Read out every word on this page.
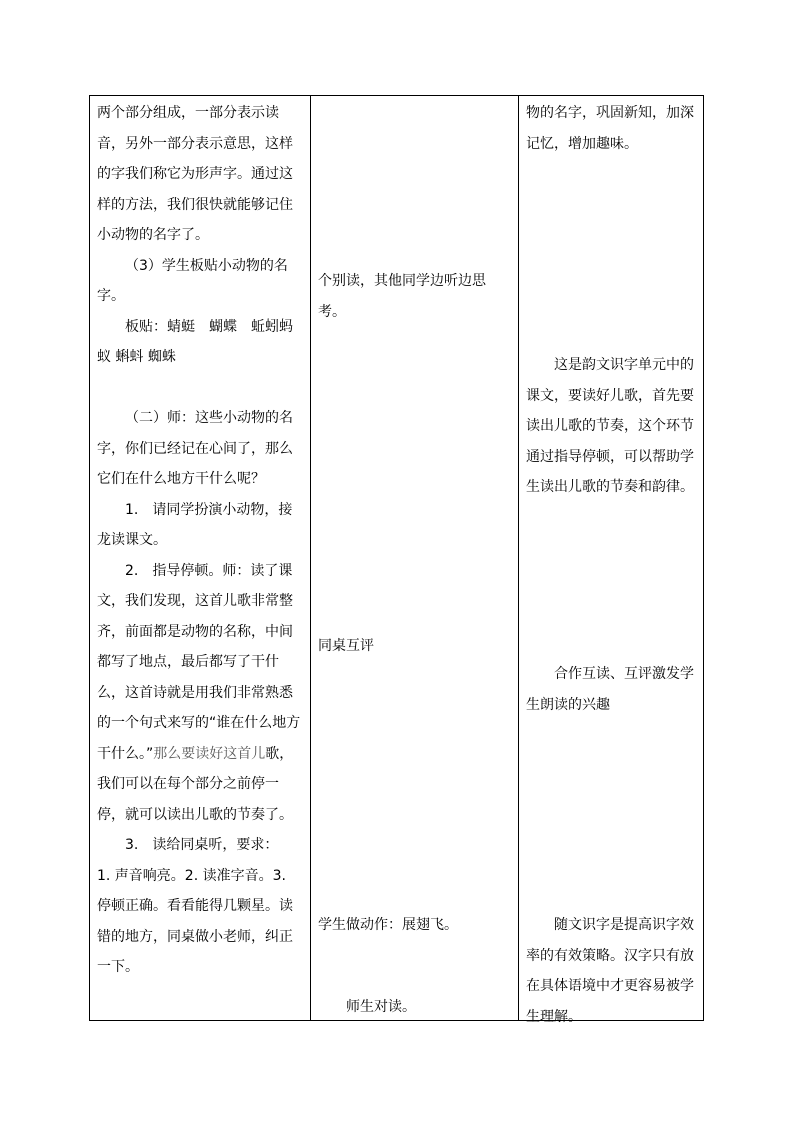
两个部分组成，一部分表示读音，另外一部分表示意思，这样的字我们称它为形声字。通过这样的方法，我们很快就能够记住小动物的名字了。

（3）学生板贴小动物的名字。

板贴：蜻蜓　蝴蝶　蚯蚓蚂蚁 蝌蚪 蜘蛛

（二）师：这些小动物的名字，你们已经记在心间了，那么它们在什么地方干什么呢？

1.　请同学扮演小动物，接龙读课文。

2.　指导停顿。师：读了课文，我们发现，这首儿歌非常整齐，前面都是动物的名称，中间都写了地点，最后都写了干什么，这首诗就是用我们非常熟悉的一个句式来写的“谁在什么地方干什么。”那么要读好这首儿歌，我们可以在每个部分之前停一停，就可以读出儿歌的节奏了。

3.　读给同桌听，要求：

1. 声音响亮。2. 读准字音。3. 停顿正确。看看能得几颗星。读错的地方，同桌做小老师，纠正一下。

个别读，其他同学边听边思考。
同桌互评
学生做动作：展翅飞。
师生对读。
物的名字，巩固新知，加深记忆，增加趣味。
这是韵文识字单元中的课文，要读好儿歌，首先要读出儿歌的节奏，这个环节通过指导停顿，可以帮助学生读出儿歌的节奏和韵律。
合作互读、互评激发学生朗读的兴趣
随文识字是提高识字效率的有效策略。汉字只有放在具体语境中才更容易被学生理解。
